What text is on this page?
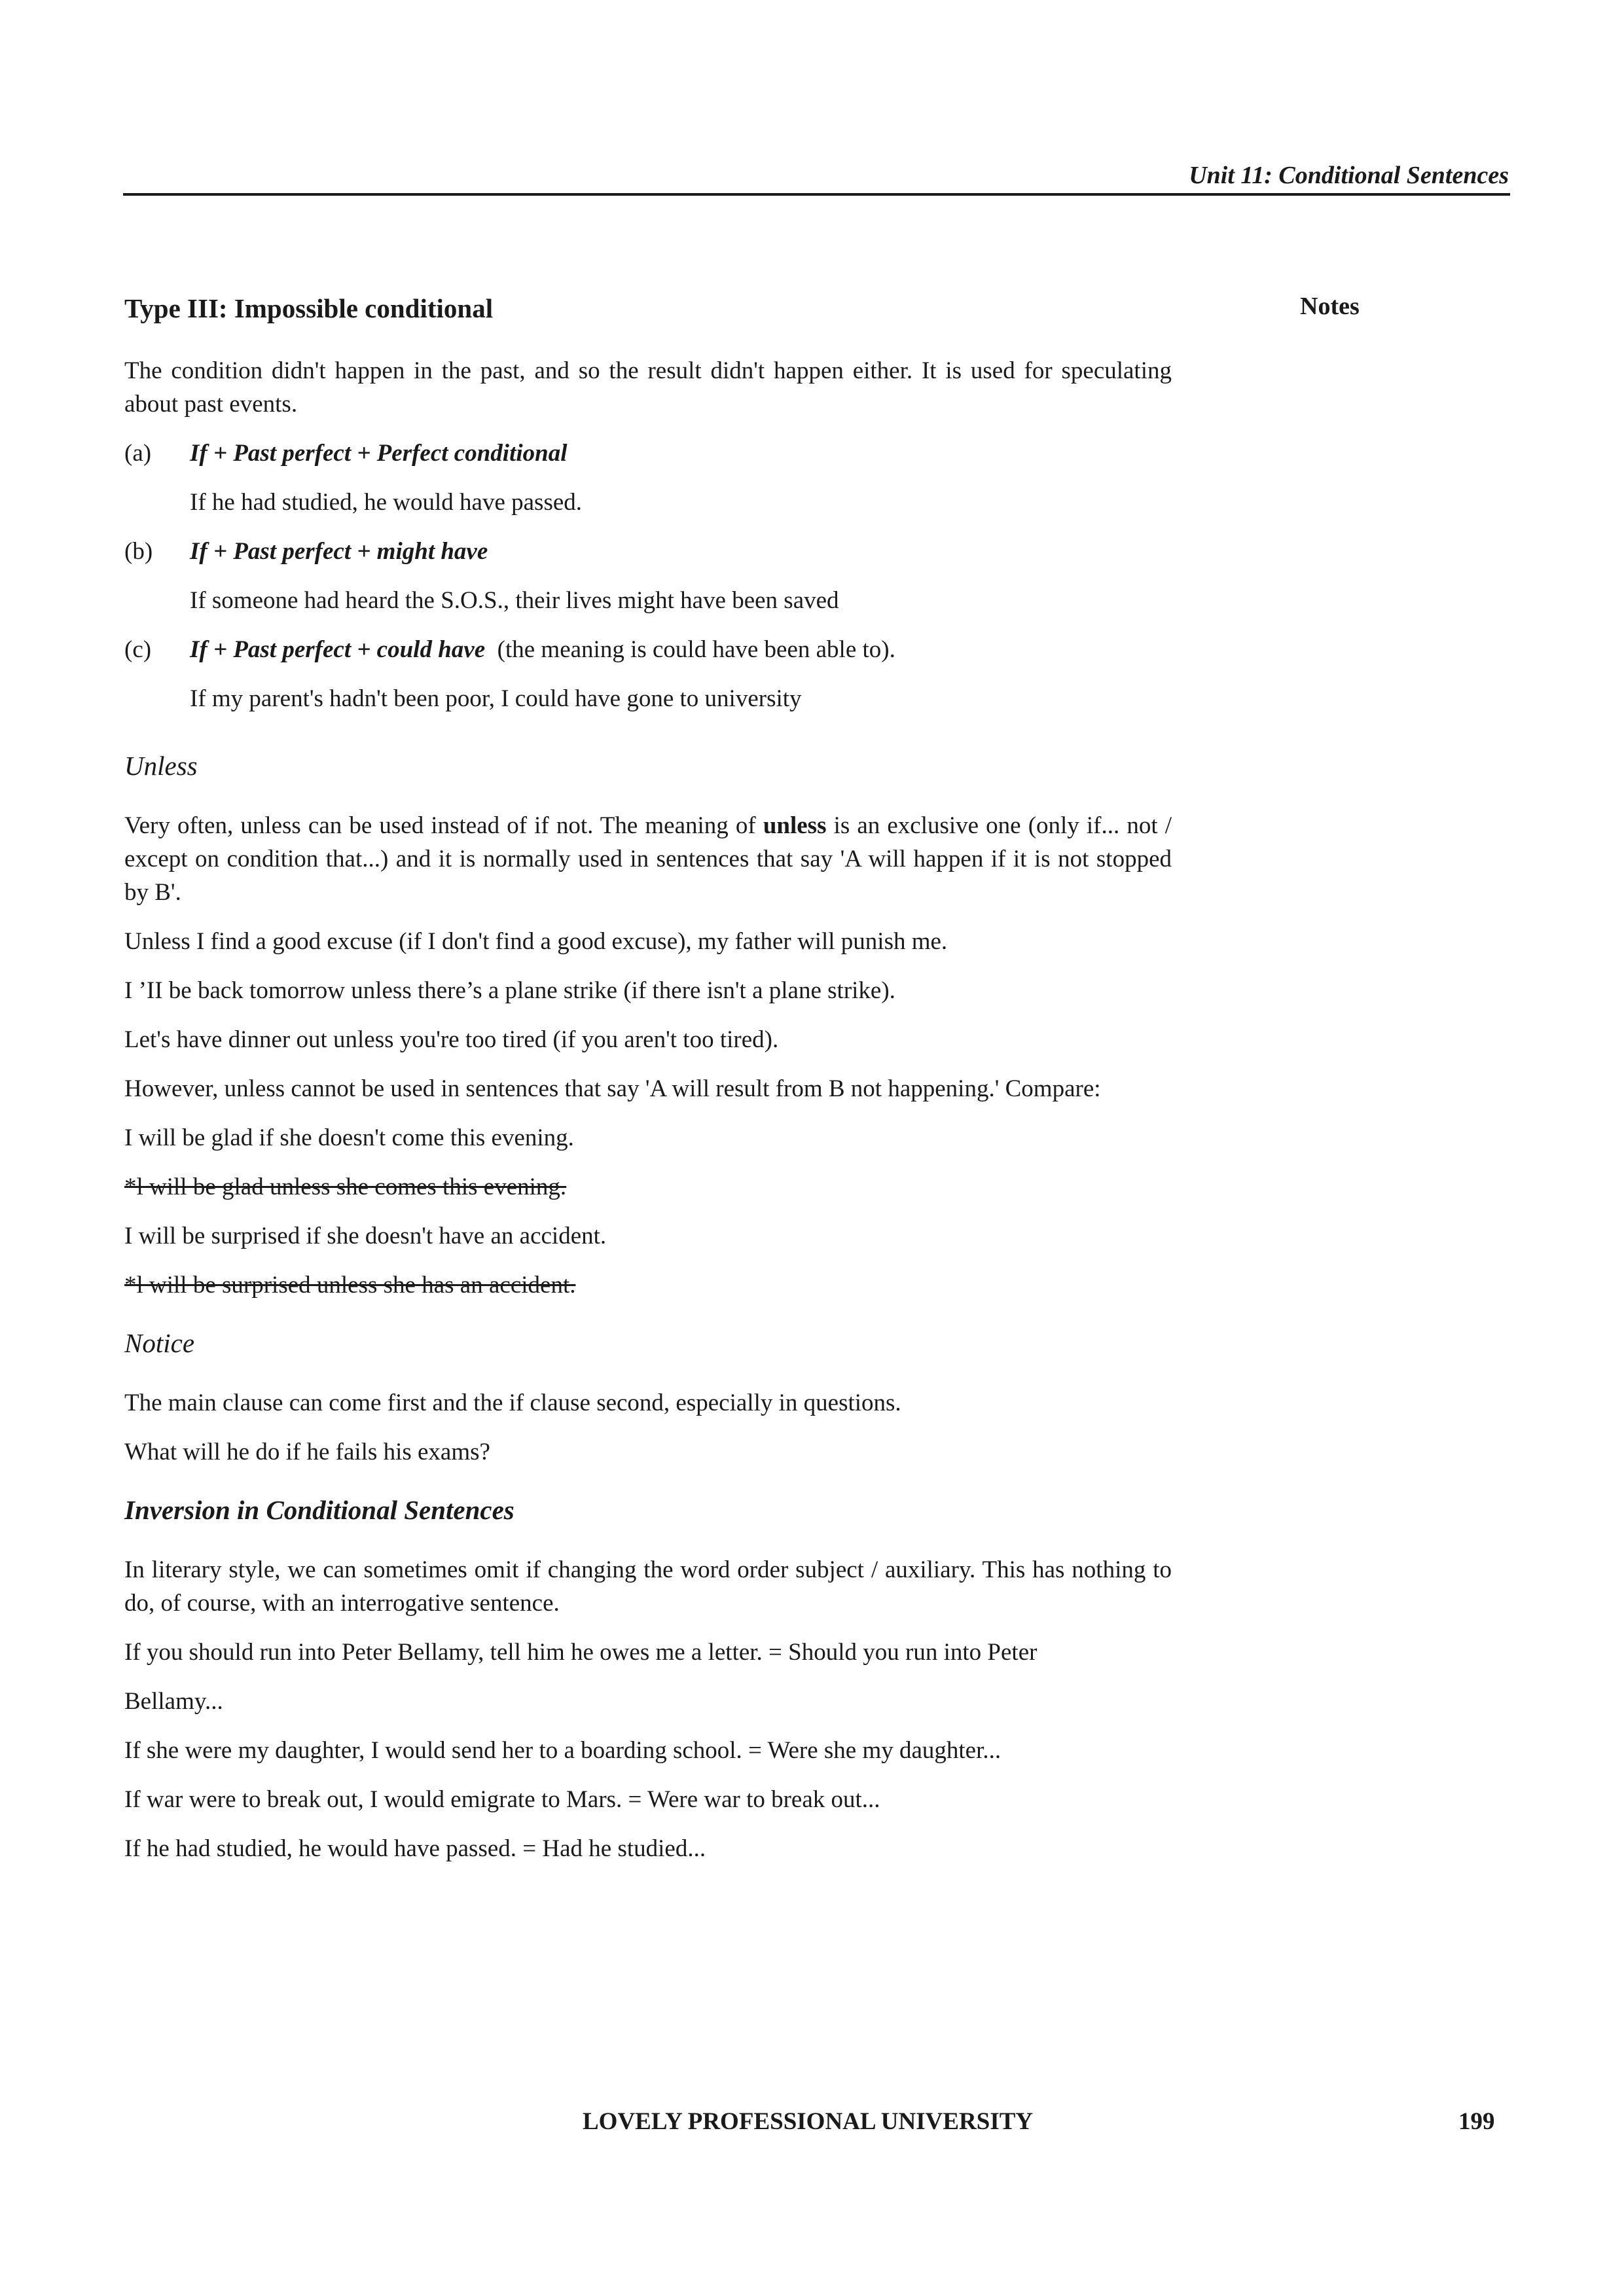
Unit 11: Conditional Sentences
Notes
Type III: Impossible conditional

The condition didn't happen in the past, and so the result didn't happen either. It is used for speculating about past events.

(a)	If + Past perfect + Perfect conditional
If he had studied, he would have passed.
(b)	If + Past perfect + might have
If someone had heard the S.O.S., their lives might have been saved
(c)	If + Past perfect + could have (the meaning is could have been able to).
If my parent's hadn't been poor, I could have gone to university
Unless

Very often, unless can be used instead of if not. The meaning of unless is an exclusive one (only if... not / except on condition that...) and it is normally used in sentences that say 'A will happen if it is not stopped by B'.

Unless I find a good excuse (if I don't find a good excuse), my father will punish me.

I ’II be back tomorrow unless there’s a plane strike (if there isn't a plane strike).

Let's have dinner out unless you're too tired (if you aren't too tired).

However, unless cannot be used in sentences that say 'A will result from B not happening.' Compare:

I will be glad if she doesn't come this evening.

*l will be glad unless she comes this evening.

I will be surprised if she doesn't have an accident.

*l will be surprised unless she has an accident.

Notice

The main clause can come first and the if clause second, especially in questions.

What will he do if he fails his exams?

Inversion in Conditional Sentences

In literary style, we can sometimes omit if changing the word order subject / auxiliary. This has nothing to do, of course, with an interrogative sentence.

If you should run into Peter Bellamy, tell him he owes me a letter. = Should you run into Peter

Bellamy...

If she were my daughter, I would send her to a boarding school. = Were she my daughter...

If war were to break out, I would emigrate to Mars. = Were war to break out...

If he had studied, he would have passed. = Had he studied...

LOVELY PROFESSIONAL UNIVERSITY	199
